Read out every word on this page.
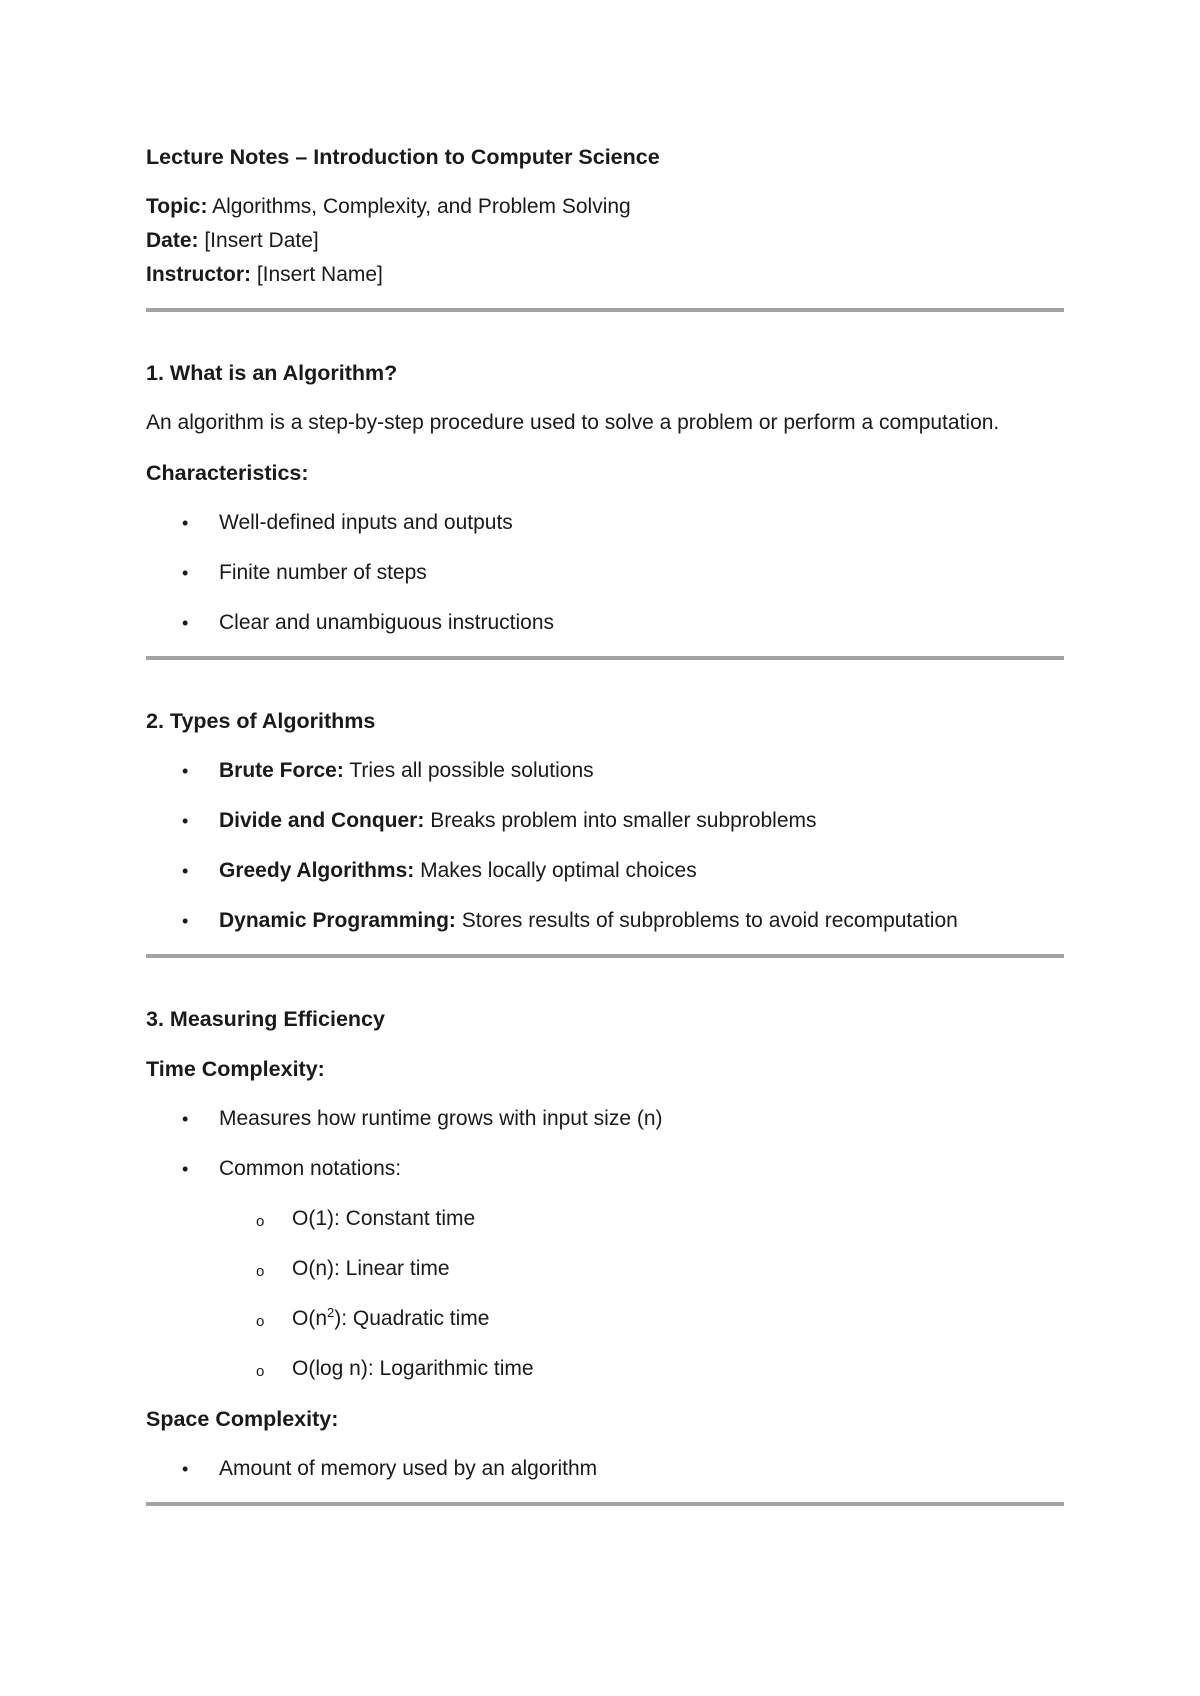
Lecture Notes – Introduction to Computer Science

Topic: Algorithms, Complexity, and Problem Solving

Date: [Insert Date]

Instructor: [Insert Name]

1. What is an Algorithm?

An algorithm is a step-by-step procedure used to solve a problem or perform a computation.

Characteristics:

• Well-defined inputs and outputs
• Finite number of steps
• Clear and unambiguous instructions

2. Types of Algorithms

• Brute Force: Tries all possible solutions
• Divide and Conquer: Breaks problem into smaller subproblems
• Greedy Algorithms: Makes locally optimal choices
• Dynamic Programming: Stores results of subproblems to avoid recomputation

3. Measuring Efficiency

Time Complexity:

• Measures how runtime grows with input size (n)
• Common notations:
o O(1): Constant time
o O(n): Linear time
o $O(n^2)$: Quadratic time
o O(log n): Logarithmic time

Space Complexity:

• Amount of memory used by an algorithm
